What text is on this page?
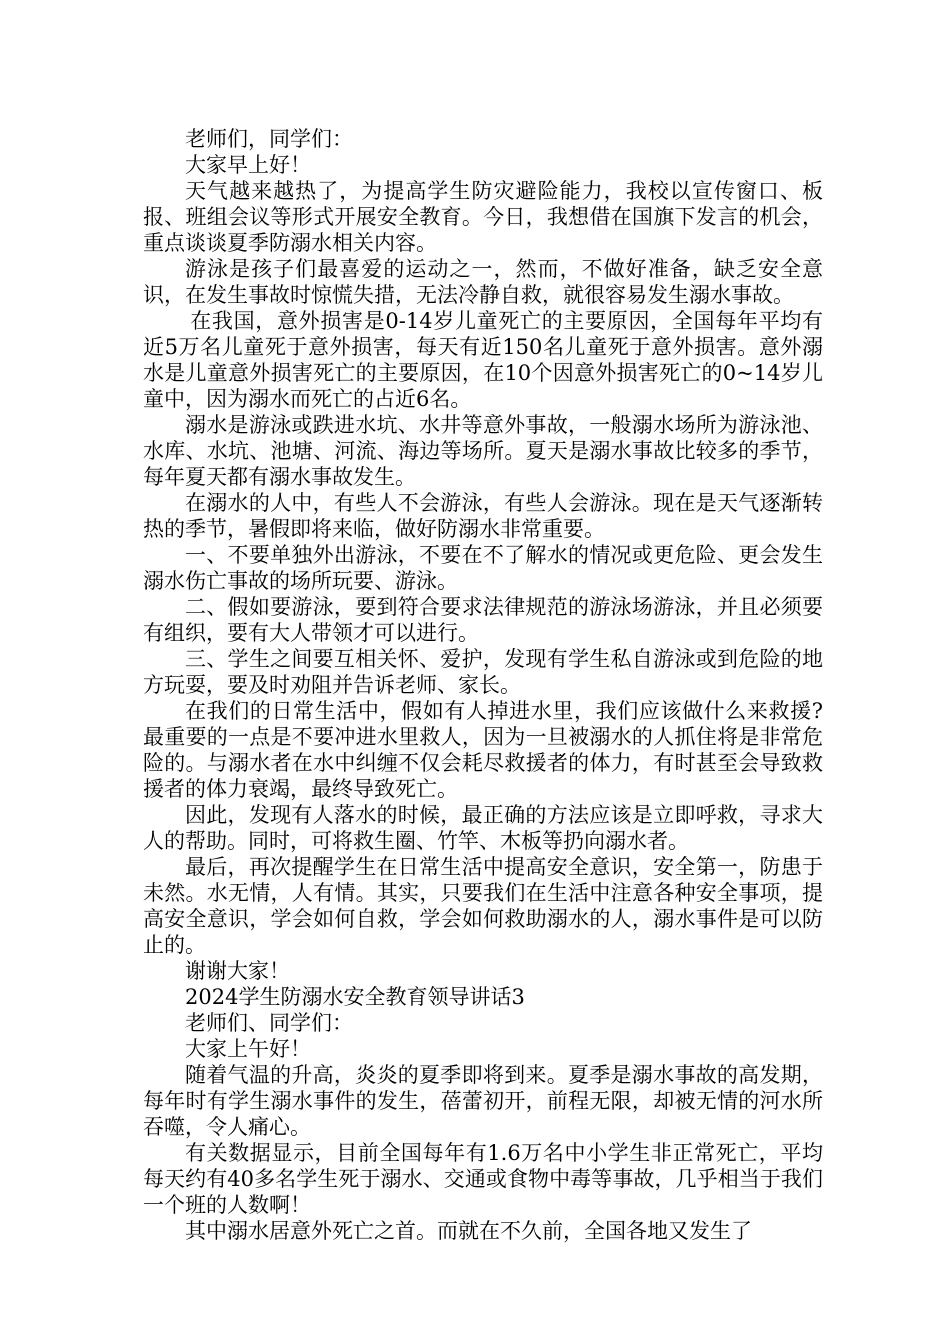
老师们，同学们：

大家早上好！

天气越来越热了，为提高学生防灾避险能力，我校以宣传窗口、板报、班组会议等形式开展安全教育。今日，我想借在国旗下发言的机会，重点谈谈夏季防溺水相关内容。

游泳是孩子们最喜爱的运动之一，然而，不做好准备，缺乏安全意识，在发生事故时惊慌失措，无法冷静自救，就很容易发生溺水事故。

在我国，意外损害是0-14岁儿童死亡的主要原因，全国每年平均有近5万名儿童死于意外损害，每天有近150名儿童死于意外损害。意外溺水是儿童意外损害死亡的主要原因，在10个因意外损害死亡的0~14岁儿童中，因为溺水而死亡的占近6名。

溺水是游泳或跌进水坑、水井等意外事故，一般溺水场所为游泳池、水库、水坑、池塘、河流、海边等场所。夏天是溺水事故比较多的季节，每年夏天都有溺水事故发生。

在溺水的人中，有些人不会游泳，有些人会游泳。现在是天气逐渐转热的季节，暑假即将来临，做好防溺水非常重要。

一、不要单独外出游泳，不要在不了解水的情况或更危险、更会发生溺水伤亡事故的场所玩要、游泳。

二、假如要游泳，要到符合要求法律规范的游泳场游泳，并且必须要有组织，要有大人带领才可以进行。

三、学生之间要互相关怀、爱护，发现有学生私自游泳或到危险的地方玩耍，要及时劝阻并告诉老师、家长。

在我们的日常生活中，假如有人掉进水里，我们应该做什么来救援?最重要的一点是不要冲进水里救人，因为一旦被溺水的人抓住将是非常危险的。与溺水者在水中纠缠不仅会耗尽救援者的体力，有时甚至会导致救援者的体力衰竭，最终导致死亡。

因此，发现有人落水的时候，最正确的方法应该是立即呼救，寻求大人的帮助。同时，可将救生圈、竹竿、木板等扔向溺水者。

最后，再次提醒学生在日常生活中提高安全意识，安全第一，防患于未然。水无情，人有情。其实，只要我们在生活中注意各种安全事项，提高安全意识，学会如何自救，学会如何救助溺水的人，溺水事件是可以防止的。

谢谢大家！

2024学生防溺水安全教育领导讲话3

老师们、同学们：

大家上午好！

随着气温的升高，炎炎的夏季即将到来。夏季是溺水事故的高发期，每年时有学生溺水事件的发生，蓓蕾初开，前程无限，却被无情的河水所吞噬，令人痛心。

有关数据显示，目前全国每年有1.6万名中小学生非正常死亡，平均每天约有40多名学生死于溺水、交通或食物中毒等事故，几乎相当于我们一个班的人数啊！

其中溺水居意外死亡之首。而就在不久前，全国各地又发生了
